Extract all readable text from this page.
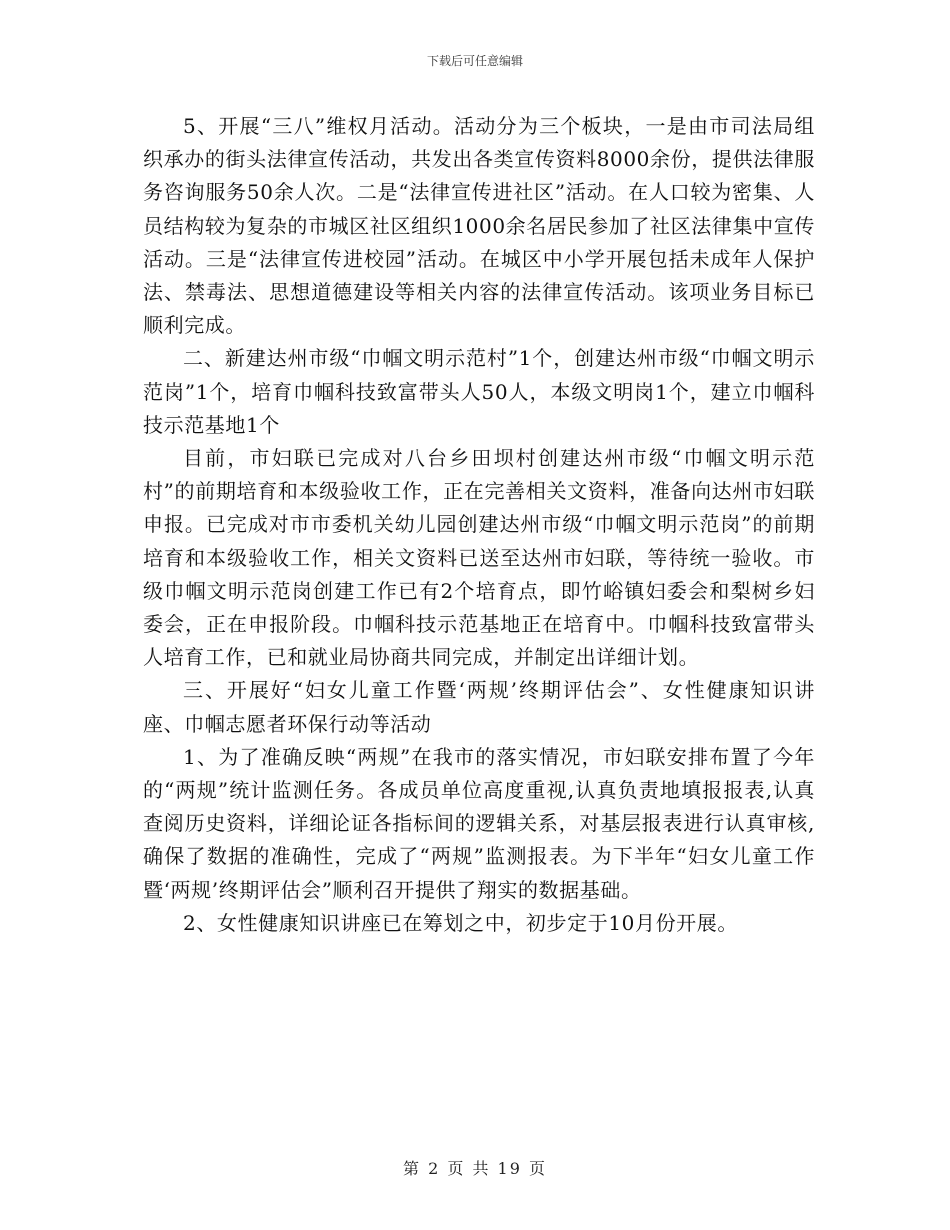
下载后可任意编辑

5、开展“三八”维权月活动。活动分为三个板块，一是由市司法局组织承办的街头法律宣传活动，共发出各类宣传资料8000余份，提供法律服务咨询服务50余人次。二是“法律宣传进社区”活动。在人口较为密集、人员结构较为复杂的市城区社区组织1000余名居民参加了社区法律集中宣传活动。三是“法律宣传进校园”活动。在城区中小学开展包括未成年人保护法、禁毒法、思想道德建设等相关内容的法律宣传活动。该项业务目标已顺利完成。

二、新建达州市级“巾帼文明示范村”1个，创建达州市级“巾帼文明示范岗”1个，培育巾帼科技致富带头人50人，本级文明岗1个，建立巾帼科技示范基地1个

目前，市妇联已完成对八台乡田坝村创建达州市级“巾帼文明示范村”的前期培育和本级验收工作，正在完善相关文资料，准备向达州市妇联申报。已完成对市市委机关幼儿园创建达州市级“巾帼文明示范岗”的前期培育和本级验收工作，相关文资料已送至达州市妇联，等待统一验收。市级巾帼文明示范岗创建工作已有2个培育点，即竹峪镇妇委会和梨树乡妇委会，正在申报阶段。巾帼科技示范基地正在培育中。巾帼科技致富带头人培育工作，已和就业局协商共同完成，并制定出详细计划。

三、开展好“妇女儿童工作暨‘两规’终期评估会”、女性健康知识讲座、巾帼志愿者环保行动等活动

1、为了准确反映“两规”在我市的落实情况，市妇联安排布置了今年的“两规”统计监测任务。各成员单位高度重视,认真负责地填报报表,认真查阅历史资料，详细论证各指标间的逻辑关系，对基层报表进行认真审核,确保了数据的准确性，完成了“两规”监测报表。为下半年“妇女儿童工作暨‘两规’终期评估会”顺利召开提供了翔实的数据基础。

2、女性健康知识讲座已在筹划之中，初步定于10月份开展。

第 2 页 共 19 页
